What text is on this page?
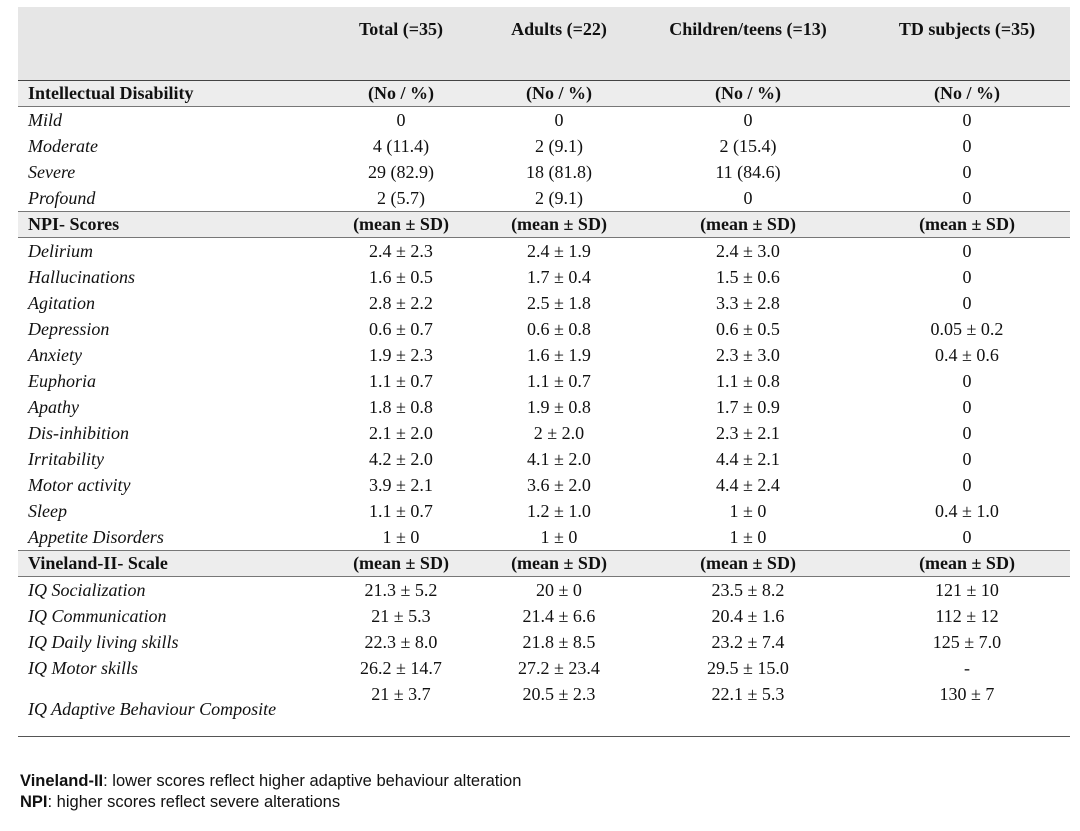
	Total (=35)	Adults (=22)	Children/teens (=13)	TD subjects (=35)
Intellectual Disability	(No / %)	(No / %)	(No / %)	(No / %)
Mild	0	0	0	0
Moderate	4 (11.4)	2 (9.1)	2 (15.4)	0
Severe	29 (82.9)	18 (81.8)	11 (84.6)	0
Profound	2 (5.7)	2 (9.1)	0	0
NPI- Scores	(mean ± SD)	(mean ± SD)	(mean ± SD)	(mean ± SD)
Delirium	2.4 ± 2.3	2.4 ± 1.9	2.4 ± 3.0	0
Hallucinations	1.6 ± 0.5	1.7 ± 0.4	1.5 ± 0.6	0
Agitation	2.8 ± 2.2	2.5 ± 1.8	3.3 ± 2.8	0
Depression	0.6 ± 0.7	0.6 ± 0.8	0.6 ± 0.5	0.05 ± 0.2
Anxiety	1.9 ± 2.3	1.6 ± 1.9	2.3 ± 3.0	0.4 ± 0.6
Euphoria	1.1 ± 0.7	1.1 ± 0.7	1.1 ± 0.8	0
Apathy	1.8 ± 0.8	1.9 ± 0.8	1.7 ± 0.9	0
Dis-inhibition	2.1 ± 2.0	2 ± 2.0	2.3 ± 2.1	0
Irritability	4.2 ± 2.0	4.1 ± 2.0	4.4 ± 2.1	0
Motor activity	3.9 ± 2.1	3.6 ± 2.0	4.4 ± 2.4	0
Sleep	1.1 ± 0.7	1.2 ± 1.0	1 ± 0	0.4 ± 1.0
Appetite Disorders	1 ± 0	1 ± 0	1 ± 0	0
Vineland-II- Scale	(mean ± SD)	(mean ± SD)	(mean ± SD)	(mean ± SD)
IQ Socialization	21.3 ± 5.2	20 ± 0	23.5 ± 8.2	121 ± 10
IQ Communication	21 ± 5.3	21.4 ± 6.6	20.4 ± 1.6	112 ± 12
IQ Daily living skills	22.3 ± 8.0	21.8 ± 8.5	23.2 ± 7.4	125 ± 7.0
IQ Motor skills	26.2 ± 14.7	27.2 ± 23.4	29.5 ± 15.0	-
IQ Adaptive Behaviour Composite	21 ± 3.7	20.5 ± 2.3	22.1 ± 5.3	130 ± 7
Vineland-II: lower scores reflect higher adaptive behaviour alteration
NPI: higher scores reflect severe alterations
